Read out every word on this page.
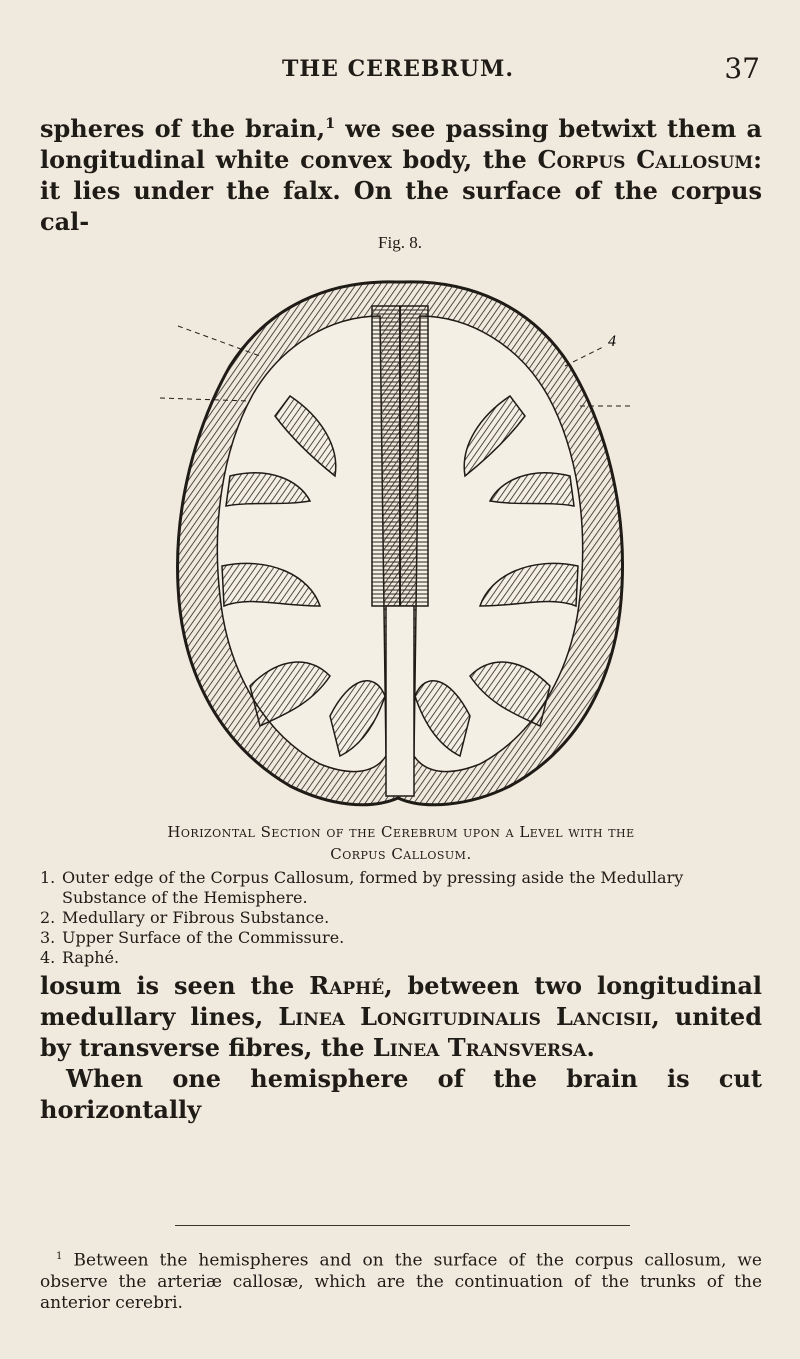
THE CEREBRUM.	37

spheres of the brain,$^1$ we see passing betwixt them a longitudinal white convex body, the Corpus Callosum: it lies under the falx. On the surface of the corpus cal-

Fig. 8.
4
Horizontal Section of the Cerebrum upon a Level with the
Corpus Callosum.
1. Outer edge of the Corpus Callosum, formed by pressing aside the Medullary Substance of the Hemisphere.
2. Medullary or Fibrous Substance.
3. Upper Surface of the Commissure.
4. Raphé.

losum is seen the Raphé, between two longitudinal medullary lines, Linea Longitudinalis Lancisii, united by transverse fibres, the Linea Transversa.

When one hemisphere of the brain is cut horizontally

$^1$ Between the hemispheres and on the surface of the corpus callosum, we observe the arteriæ callosæ, which are the continuation of the trunks of the anterior cerebri.
